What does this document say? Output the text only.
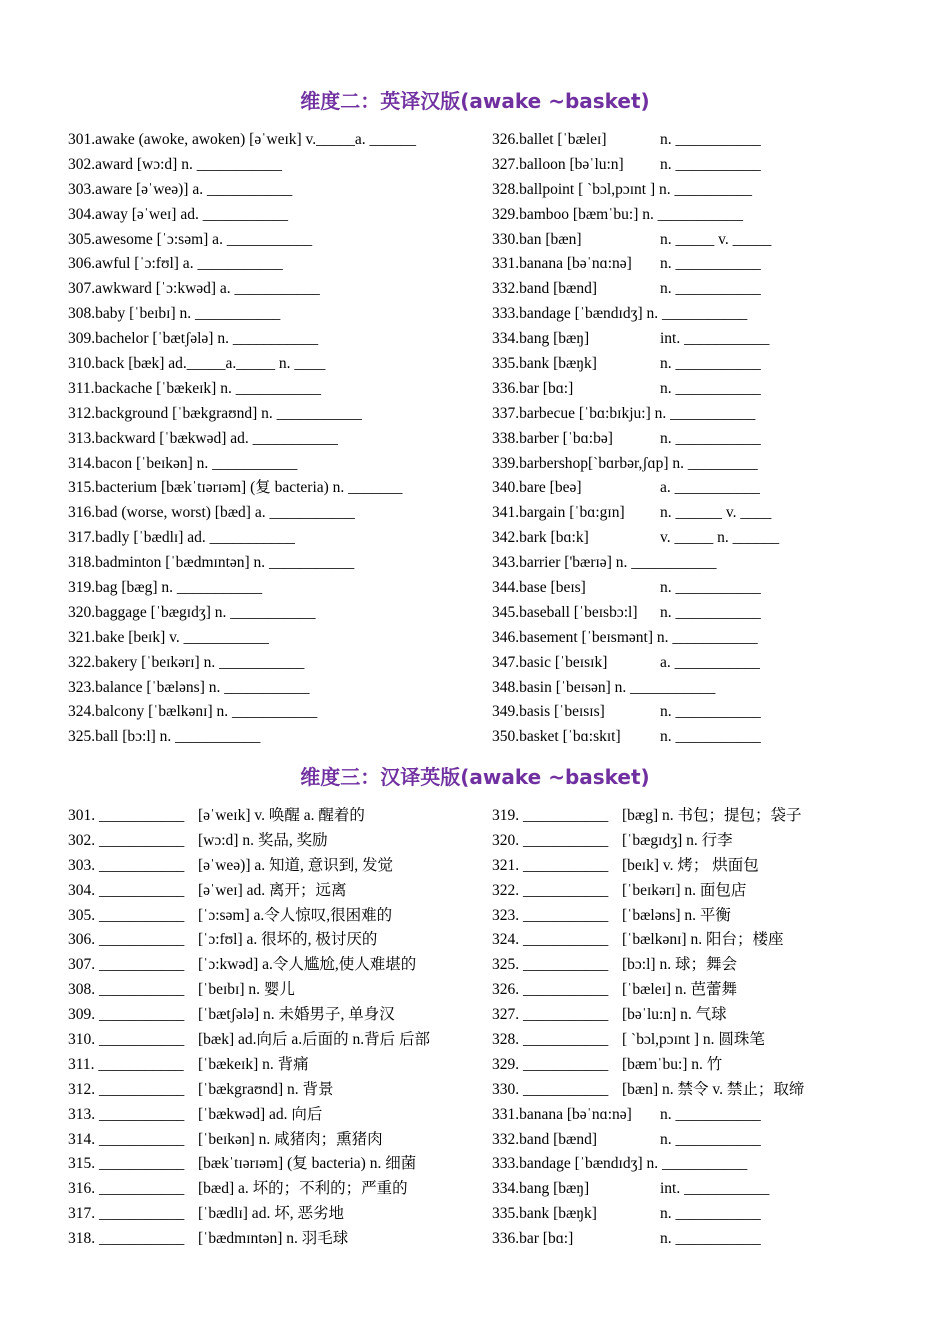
维度二：英译汉版(awake ~basket)
301.awake (awoke, awoken) [əˈweɪk] v._____a. ______
302.award [wɔ:d] n. ___________
303.aware [əˈweə)] a. ___________
304.away [əˈweɪ] ad. ___________
305.awesome [ˈɔ:səm] a. ___________
306.awful [ˈɔ:fʊl] a. ___________
307.awkward [ˈɔ:kwəd] a. ___________
308.baby [ˈbeɪbɪ] n. ___________
309.bachelor [ˈbætʃələ] n. ___________
310.back [bæk] ad._____a._____ n. ____
311.backache [ˈbækeɪk] n. ___________
312.background [ˈbækgraʊnd] n. ___________
313.backward [ˈbækwəd] ad. ___________
314.bacon [ˈbeɪkən] n. ___________
315.bacterium [bækˈtɪərɪəm] (复 bacteria) n. _______
316.bad (worse, worst) [bæd] a. ___________
317.badly [ˈbædlɪ] ad. ___________
318.badminton [ˈbædmɪntən] n. ___________
319.bag [bæg] n. ___________
320.baggage [ˈbægɪdʒ] n. ___________
321.bake [beɪk] v. ___________
322.bakery [ˈbeɪkərɪ] n. ___________
323.balance [ˈbæləns] n. ___________
324.balcony [ˈbælkənɪ] n. ___________
325.ball [bɔ:l] n. ___________
326.ballet [ˈbæleɪ]	n. ___________
327.balloon [bəˈlu:n] n. ___________
328.ballpoint [ ˋbɔl,pɔɪnt ] n. __________
329.bamboo [bæmˈbu:] n. ___________
330.ban [bæn]	n. _____ v. _____
331.banana [bəˈnɑ:nə] n. ___________
332.band [bænd]	n. ___________
333.bandage [ˈbændɪdʒ] n. ___________
334.bang [bæŋ]	int. ___________
335.bank [bæŋk]	n. ___________
336.bar [bɑ:]	n. ___________
337.barbecue [ˈbɑ:bɪkju:] n. ___________
338.barber [ˈbɑ:bə]	n. ___________
339.barbershop[ˋbɑrbər,ʃɑp] n. _________
340.bare [beə]	a. ___________
341.bargain [ˈbɑ:gɪn] n. ______ v. ____
342.bark [bɑ:k]	v. _____ n. ______
343.barrier ['bærɪə] n. ___________
344.base [beɪs]	n. ___________
345.baseball [ˈbeɪsbɔ:l] n. ___________
346.basement [ˈbeɪsmənt] n. ___________
347.basic [ˈbeɪsɪk]	a. ___________
348.basin [ˈbeɪsən] n. ___________
349.basis [ˈbeɪsɪs]	n. ___________
350.basket [ˈbɑ:skɪt]	n. ___________
维度三：汉译英版(awake ~basket)
301. ___________ [əˈweɪk] v. 唤醒 a. 醒着的
302. ___________ [wɔ:d] n. 奖品, 奖励
303. ___________ [əˈweə)] a. 知道, 意识到, 发觉
304. ___________ [əˈweɪ] ad. 离开；远离
305. ___________ [ˈɔ:səm] a.令人惊叹,很困难的
306. ___________ [ˈɔ:fʊl] a. 很坏的, 极讨厌的
307. ___________ [ˈɔ:kwəd] a.令人尴尬,使人难堪的
308. ___________ [ˈbeɪbɪ] n. 婴儿
309. ___________ [ˈbætʃələ] n. 未婚男子, 单身汉
310. ___________ [bæk] ad.向后 a.后面的 n.背后 后部
311. ___________ [ˈbækeɪk] n. 背痛
312. ___________ [ˈbækgraʊnd] n. 背景
313. ___________ [ˈbækwəd] ad. 向后
314. ___________ [ˈbeɪkən] n. 咸猪肉；熏猪肉
315. ___________ [bækˈtɪərɪəm] (复 bacteria) n. 细菌
316. ___________ [bæd] a. 坏的；不利的；严重的
317. ___________ [ˈbædlɪ] ad. 坏, 恶劣地
318. ___________ [ˈbædmɪntən] n. 羽毛球
319. ___________ [bæg] n. 书包；提包；袋子
320. ___________ [ˈbægɪdʒ] n. 行李
321. ___________ [beɪk] v. 烤； 烘面包
322. ___________ [ˈbeɪkərɪ] n. 面包店
323. ___________ [ˈbæləns] n. 平衡
324. ___________ [ˈbælkənɪ] n. 阳台；楼座
325. ___________ [bɔ:l] n. 球；舞会
326. ___________ [ˈbæleɪ] n. 芭蕾舞
327. ___________ [bəˈlu:n] n. 气球
328. ___________ [ ˋbɔl,pɔɪnt ] n. 圆珠笔
329. ___________ [bæmˈbu:] n. 竹
330. ___________ [bæn] n. 禁令 v. 禁止；取缔
331.banana [bəˈnɑ:nə] n. ___________
332.band [bænd]	n. ___________
333.bandage [ˈbændɪdʒ] n. ___________
334.bang [bæŋ]	int. ___________
335.bank [bæŋk]	n. ___________
336.bar [bɑ:]	n. ___________
